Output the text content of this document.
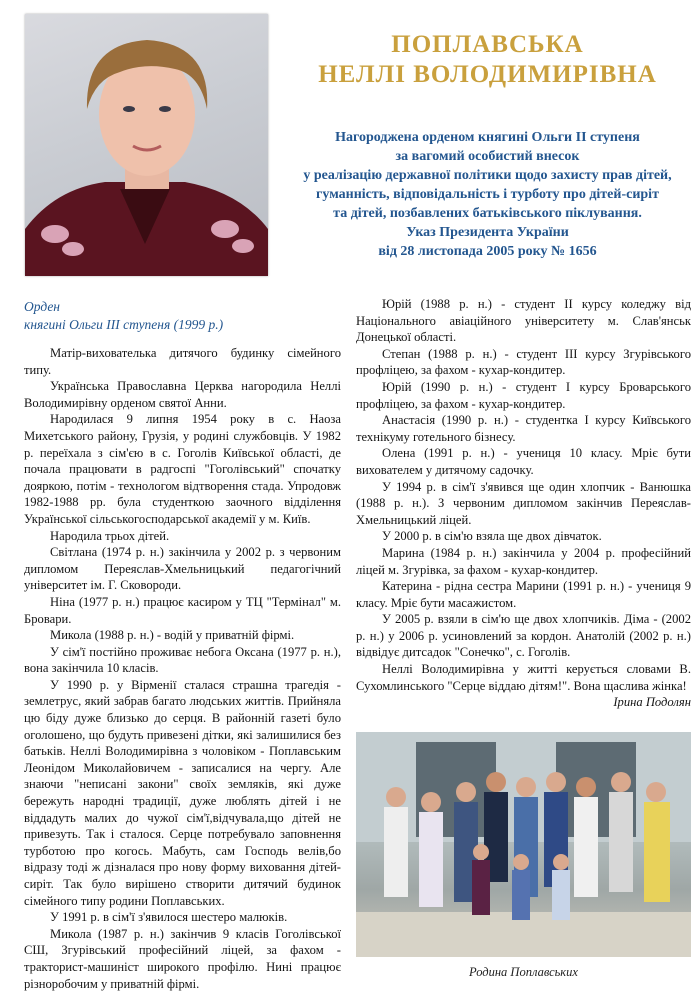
ПОПЛАВСЬКА
НЕЛЛІ ВОЛОДИМИРІВНА
Нагороджена орденом княгині Ольги ІІ ступеня
за вагомий особистий внесок
у реалізацію державної політики щодо захисту прав дітей,
гуманність, відповідальність і турботу про дітей-сиріт
та дітей, позбавлених батьківського піклування.
Указ Президента України
від 28 листопада 2005 року № 1656
Орден
княгині Ольги ІІІ ступеня (1999 р.)

Матір-вихователька дитячого будинку сімейного типу.

Українська Православна Церква нагородила Неллі Володимирівну орденом святої Анни.

Народилася 9 липня 1954 року в с. Наоза Михетського району, Грузія, у родині службовців. У 1982 р. переїхала з сім'єю в с. Гоголів Київської області, де почала працювати в радгоспі "Гоголівський" спочатку дояркою, потім - технологом відтворення стада. Упродовж 1982-1988 рр. була студенткою заочного відділення Української сільськогосподарської академії у м. Київ.

Народила трьох дітей.

Світлана (1974 р. н.) закінчила у 2002 р. з червоним дипломом Переяслав-Хмельницький педагогічний університет ім. Г. Сковороди.

Ніна (1977 р. н.) працює касиром у ТЦ "Термінал" м. Бровари.

Микола (1988 р. н.) - водій у приватній фірмі.

У сім'ї постійно проживає небога Оксана (1977 р. н.), вона закінчила 10 класів.

У 1990 р. у Вірменії сталася страшна трагедія - землетрус, який забрав багато людських життів. Прийняла цю біду дуже близько до серця. В районній газеті було оголошено, що будуть привезені дітки, які залишилися без батьків. Неллі Володимирівна з чоловіком - Поплавським Леонідом Миколайовичем - записалися на чергу. Але знаючи "неписані закони" своїх земляків, які дуже бережуть народні традиції, дуже люблять дітей і не віддадуть малих до чужої сім'ї,відчувала,що дітей не привезуть. Так і сталося. Серце потребувало заповнення турботою про когось. Мабуть, сам Господь велів,бо відразу тоді ж дізналася про нову форму виховання дітей-сиріт. Так було вирішено створити дитячий будинок сімейного типу родини Поплавських.

У 1991 р. в сім'ї з'явилося шестеро малюків.

Микола (1987 р. н.) закінчив 9 класів Гоголівської СШ, Згурівський професійний ліцей, за фахом - тракторист-машиніст широкого профілю. Нині працює різноробочим у приватній фірмі.

Юрій (1988 р. н.) - студент ІІ курсу коледжу від Національного авіаційного університету м. Слав'янськ Донецької області.

Степан (1988 р. н.) - студент ІІІ курсу Згурівського профліцею, за фахом - кухар-кондитер.

Юрій (1990 р. н.) - студент І курсу Броварського профліцею, за фахом - кухар-кондитер.

Анастасія (1990 р. н.) - студентка І курсу Київського технікуму готельного бізнесу.

Олена (1991 р. н.) - учениця 10 класу. Мріє бути вихователем у дитячому садочку.

У 1994 р. в сім'ї з'явився ще один хлопчик - Ванюшка (1988 р. н.). З червоним дипломом закінчив Переяслав-Хмельницький ліцей.

У 2000 р. в сім'ю взяла ще двох дівчаток.

Марина (1984 р. н.) закінчила у 2004 р. професійний ліцей м. Згурівка, за фахом - кухар-кондитер.

Катерина - рідна сестра Марини (1991 р. н.) - учениця 9 класу. Мріє бути масажистом.

У 2005 р. взяли в сім'ю ще двох хлопчиків. Діма - (2002 р. н.) у 2006 р. усиновлений за кордон. Анатолій (2002 р. н.) відвідує дитсадок "Сонечко", с. Гоголів.

Неллі Володимирівна у житті керується словами В. Сухомлинського "Серце віддаю дітям!". Вона щаслива жінка!

Ірина Подолян

Родина Поплавських
